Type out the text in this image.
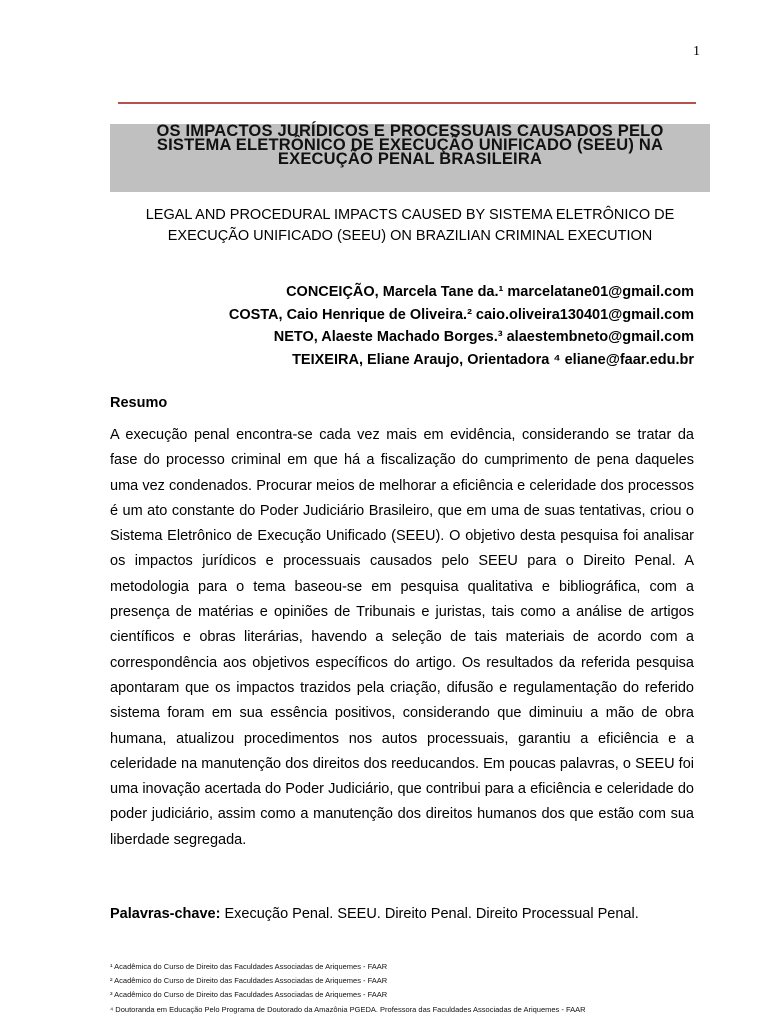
1
OS IMPACTOS JURÍDICOS E PROCESSUAIS CAUSADOS PELO
SISTEMA ELETRÔNICO DE EXECUÇÃO UNIFICADO (SEEU) NA
EXECUÇÃO PENAL BRASILEIRA
LEGAL AND PROCEDURAL IMPACTS CAUSED BY SISTEMA ELETRÔNICO DE
EXECUÇÃO UNIFICADO (SEEU) ON BRAZILIAN CRIMINAL EXECUTION
CONCEIÇÃO, Marcela Tane da.¹ marcelatane01@gmail.com
COSTA, Caio Henrique de Oliveira.² caio.oliveira130401@gmail.com
NETO, Alaeste Machado Borges.³ alaestembneto@gmail.com
TEIXEIRA, Eliane Araujo, Orientadora ⁴ eliane@faar.edu.br
Resumo

A execução penal encontra-se cada vez mais em evidência, considerando se tratar da fase do processo criminal em que há a fiscalização do cumprimento de pena daqueles uma vez condenados. Procurar meios de melhorar a eficiência e celeridade dos processos é um ato constante do Poder Judiciário Brasileiro, que em uma de suas tentativas, criou o Sistema Eletrônico de Execução Unificado (SEEU). O objetivo desta pesquisa foi analisar os impactos jurídicos e processuais causados pelo SEEU para o Direito Penal. A metodologia para o tema baseou-se em pesquisa qualitativa e bibliográfica, com a presença de matérias e opiniões de Tribunais e juristas, tais como a análise de artigos científicos e obras literárias, havendo a seleção de tais materiais de acordo com a correspondência aos objetivos específicos do artigo. Os resultados da referida pesquisa apontaram que os impactos trazidos pela criação, difusão e regulamentação do referido sistema foram em sua essência positivos, considerando que diminuiu a mão de obra humana, atualizou procedimentos nos autos processuais, garantiu a eficiência e a celeridade na manutenção dos direitos dos reeducandos. Em poucas palavras, o SEEU foi uma inovação acertada do Poder Judiciário, que contribui para a eficiência e celeridade do poder judiciário, assim como a manutenção dos direitos humanos dos que estão com sua liberdade segregada.

Palavras-chave: Execução Penal. SEEU. Direito Penal. Direito Processual Penal.
¹ Acadêmica do Curso de Direito das Faculdades Associadas de Ariquemes - FAAR
² Acadêmico do Curso de Direito das Faculdades Associadas de Ariquemes - FAAR
³ Acadêmico do Curso de Direito das Faculdades Associadas de Ariquemes - FAAR
⁴ Doutoranda em Educação Pelo Programa de Doutorado da Amazônia PGEDA. Professora das Faculdades Associadas de Ariquemes - FAAR
